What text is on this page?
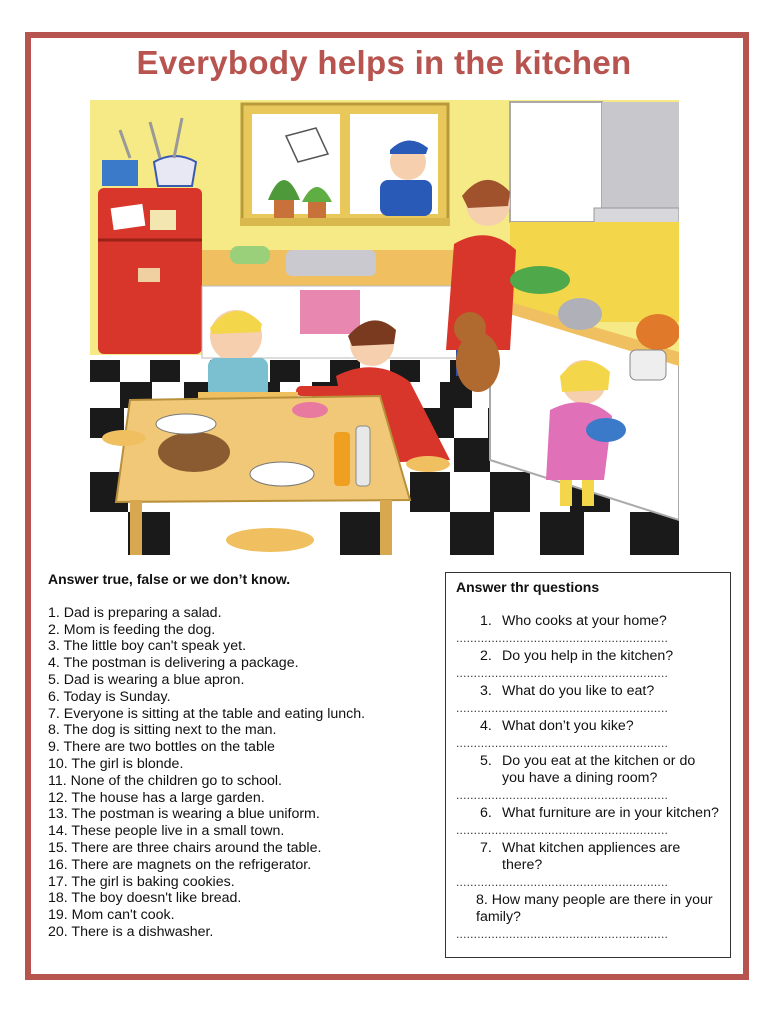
Everybody helps in the kitchen
Answer true, false or we don’t know.
1. Dad is preparing a salad.
2. Mom is feeding the dog.
3. The little boy can't speak yet.
4. The postman is delivering a package.
5. Dad is wearing a blue apron.
6. Today is Sunday.
7. Everyone is sitting at the table and eating lunch.
8. The dog is sitting next to the man.
9. There are two bottles on the table
10. The girl is blonde.
11. None of the children go to school.
12. The house has a large garden.
13. The postman is wearing a blue uniform.
14. These people live in a small town.
15. There are three chairs around the table.
16. There are magnets on the refrigerator.
17. The girl is baking cookies.
18. The boy doesn't like bread.
19. Mom can't cook.
20. There is a dishwasher.
Answer thr questions
1. Who cooks at your home?
............................................................
2. Do you help in the kitchen?
............................................................
3. What do you like to eat?
............................................................
4. What don’t you kike?
............................................................
5. Do you eat at the kitchen or do you have a dining room?
............................................................
6. What furniture are in your kitchen?
............................................................
7. What kitchen appliences are there?
............................................................
8. How many people are there in your family?
............................................................
